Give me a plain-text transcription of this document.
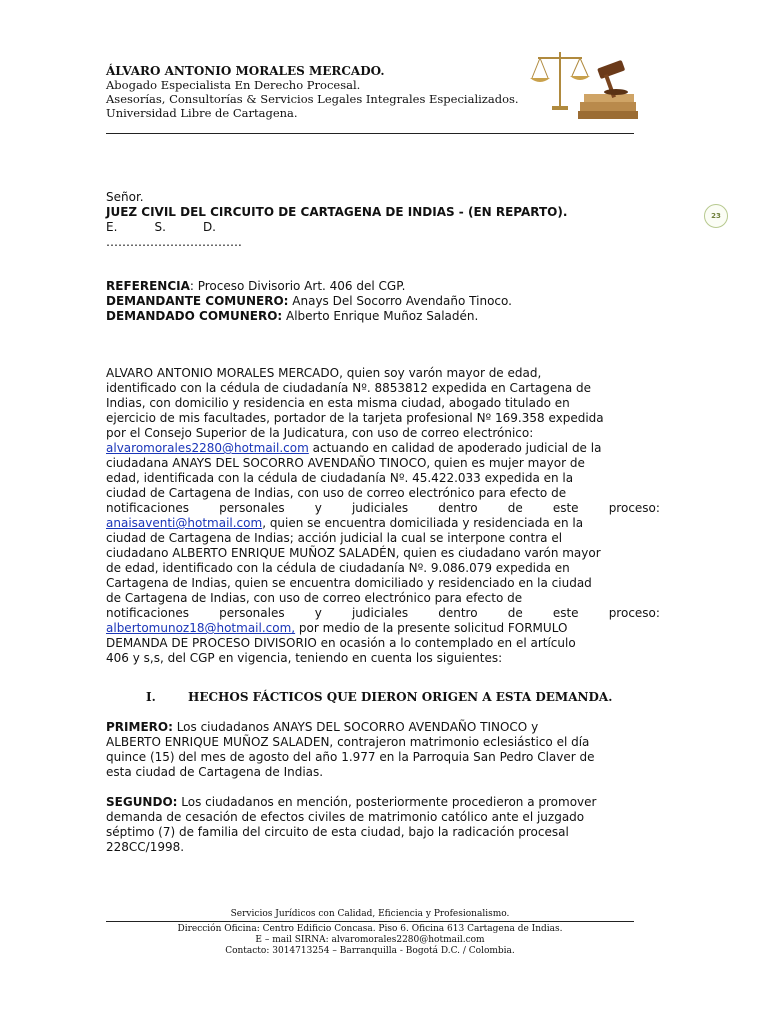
ÁLVARO ANTONIO MORALES MERCADO.
Abogado Especialista En Derecho Procesal.
Asesorías, Consultorías & Servicios Legales Integrales Especializados.
Universidad Libre de Cartagena.
23
Señor.
JUEZ CIVIL DEL CIRCUITO DE CARTAGENA DE INDIAS - (EN REPARTO).
E.	S.	D.
…………………………….
REFERENCIA: Proceso Divisorio Art. 406 del CGP.
DEMANDANTE COMUNERO: Anays Del Socorro Avendaño Tinoco.
DEMANDADO COMUNERO: Alberto Enrique Muñoz Saladén.
ALVARO ANTONIO MORALES MERCADO, quien soy varón mayor de edad,
identificado con la cédula de ciudadanía Nº. 8853812 expedida en Cartagena de
Indias, con domicilio y residencia en esta misma ciudad, abogado titulado en
ejercicio de mis facultades, portador de la tarjeta profesional Nº 169.358 expedida
por el Consejo Superior de la Judicatura, con uso de correo electrónico:
alvaromorales2280@hotmail.com actuando en calidad de apoderado judicial de la
ciudadana ANAYS DEL SOCORRO AVENDAÑO TINOCO, quien es mujer mayor de
edad, identificada con la cédula de ciudadanía Nº. 45.422.033 expedida en la
ciudad de Cartagena de Indias, con uso de correo electrónico para efecto de
notificaciones	personales	y	judiciales	dentro	de	este	proceso:
anaisaventi@hotmail.com, quien se encuentra domiciliada y residenciada en la
ciudad de Cartagena de Indias; acción judicial la cual se interpone contra el
ciudadano ALBERTO ENRIQUE MUÑOZ SALADÉN, quien es ciudadano varón mayor
de edad, identificado con la cédula de ciudadanía Nº. 9.086.079 expedida en
Cartagena de Indias, quien se encuentra domiciliado y residenciado en la ciudad
de Cartagena de Indias, con uso de correo electrónico para efecto de
notificaciones	personales	y	judiciales	dentro	de	este	proceso:
albertomunoz18@hotmail.com, por medio de la presente solicitud FORMULO
DEMANDA DE PROCESO DIVISORIO en ocasión a lo contemplado en el artículo
406 y s,s, del CGP en vigencia, teniendo en cuenta los siguientes:
I.	HECHOS FÁCTICOS QUE DIERON ORIGEN A ESTA DEMANDA.
PRIMERO: Los ciudadanos ANAYS DEL SOCORRO AVENDAÑO TINOCO y
ALBERTO ENRIQUE MUÑOZ SALADEN, contrajeron matrimonio eclesiástico el día
quince (15) del mes de agosto del año 1.977 en la Parroquia San Pedro Claver de
esta ciudad de Cartagena de Indias.
SEGUNDO: Los ciudadanos en mención, posteriormente procedieron a promover
demanda de cesación de efectos civiles de matrimonio católico ante el juzgado
séptimo (7) de familia del circuito de esta ciudad, bajo la radicación procesal
228CC/1998.
Servicios Jurídicos con Calidad, Eficiencia y Profesionalismo.
Dirección Oficina: Centro Edificio Concasa. Piso 6. Oficina 613 Cartagena de Indias.
E – mail SIRNA: alvaromorales2280@hotmail.com
Contacto: 3014713254 – Barranquilla - Bogotá D.C. / Colombia.
